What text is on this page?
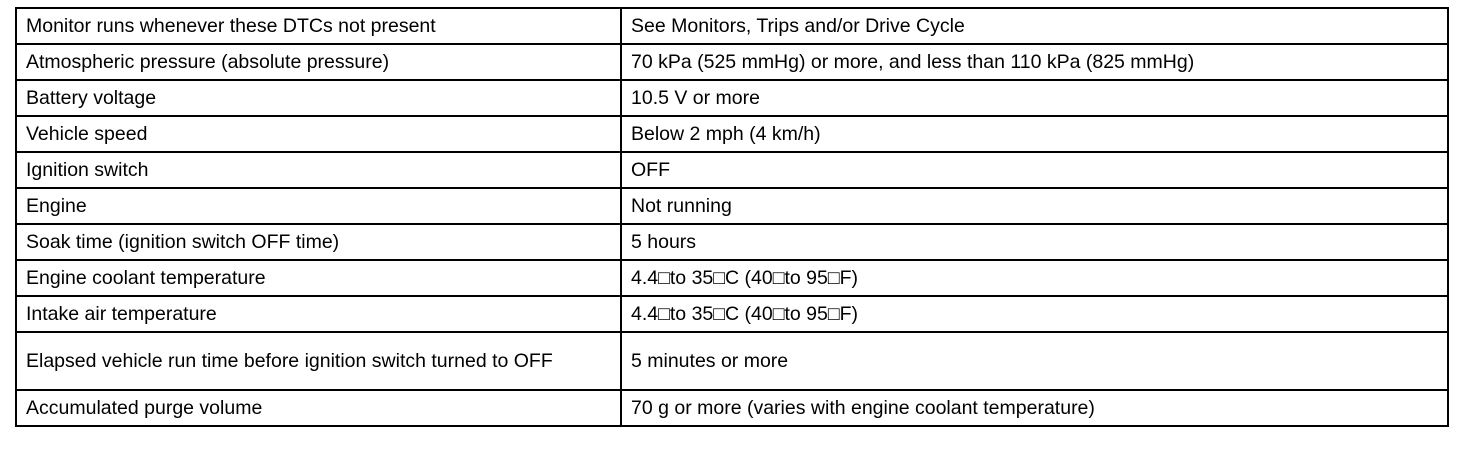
Monitor runs whenever these DTCs not present	See Monitors, Trips and/or Drive Cycle
Atmospheric pressure (absolute pressure)	70 kPa (525 mmHg) or more, and less than 110 kPa (825 mmHg)
Battery voltage	10.5 V or more
Vehicle speed	Below 2 mph (4 km/h)
Ignition switch	OFF
Engine	Not running
Soak time (ignition switch OFF time)	5 hours
Engine coolant temperature	4.4□to 35□C (40□to 95□F)
Intake air temperature	4.4□to 35□C (40□to 95□F)
Elapsed vehicle run time before ignition switch turned to OFF	5 minutes or more
Accumulated purge volume	70 g or more (varies with engine coolant temperature)
